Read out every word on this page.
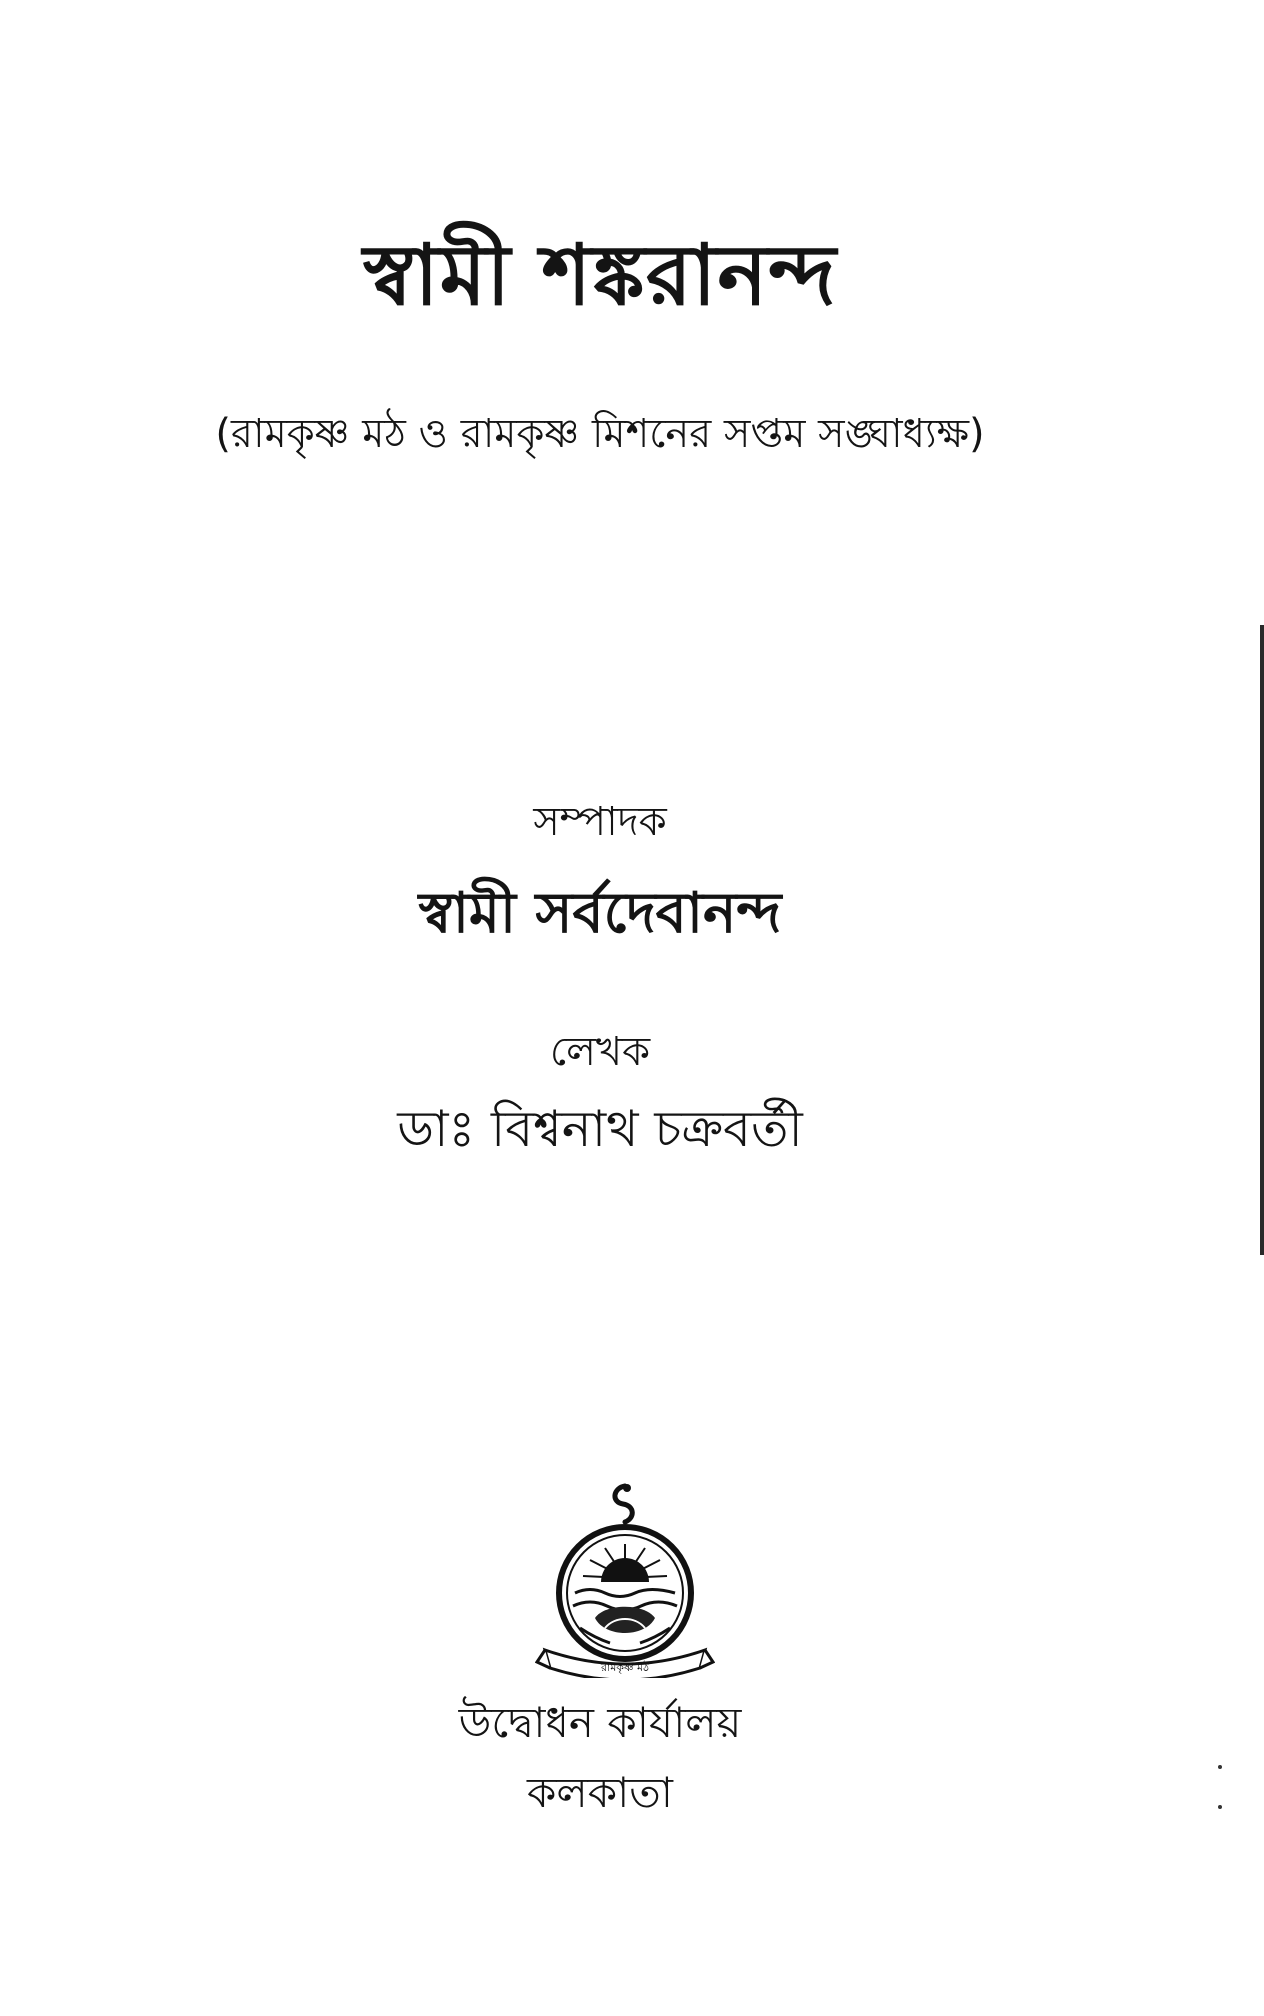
স্বামী শঙ্করানন্দ
(রামকৃষ্ণ মঠ ও রামকৃষ্ণ মিশনের সপ্তম সঙ্ঘাধ্যক্ষ)
সম্পাদক
স্বামী সর্বদেবানন্দ
লেখক
ডাঃ বিশ্বনাথ চক্রবর্তী
রামকৃষ্ণ মঠ
উদ্বোধন কার্যালয়
কলকাতা
